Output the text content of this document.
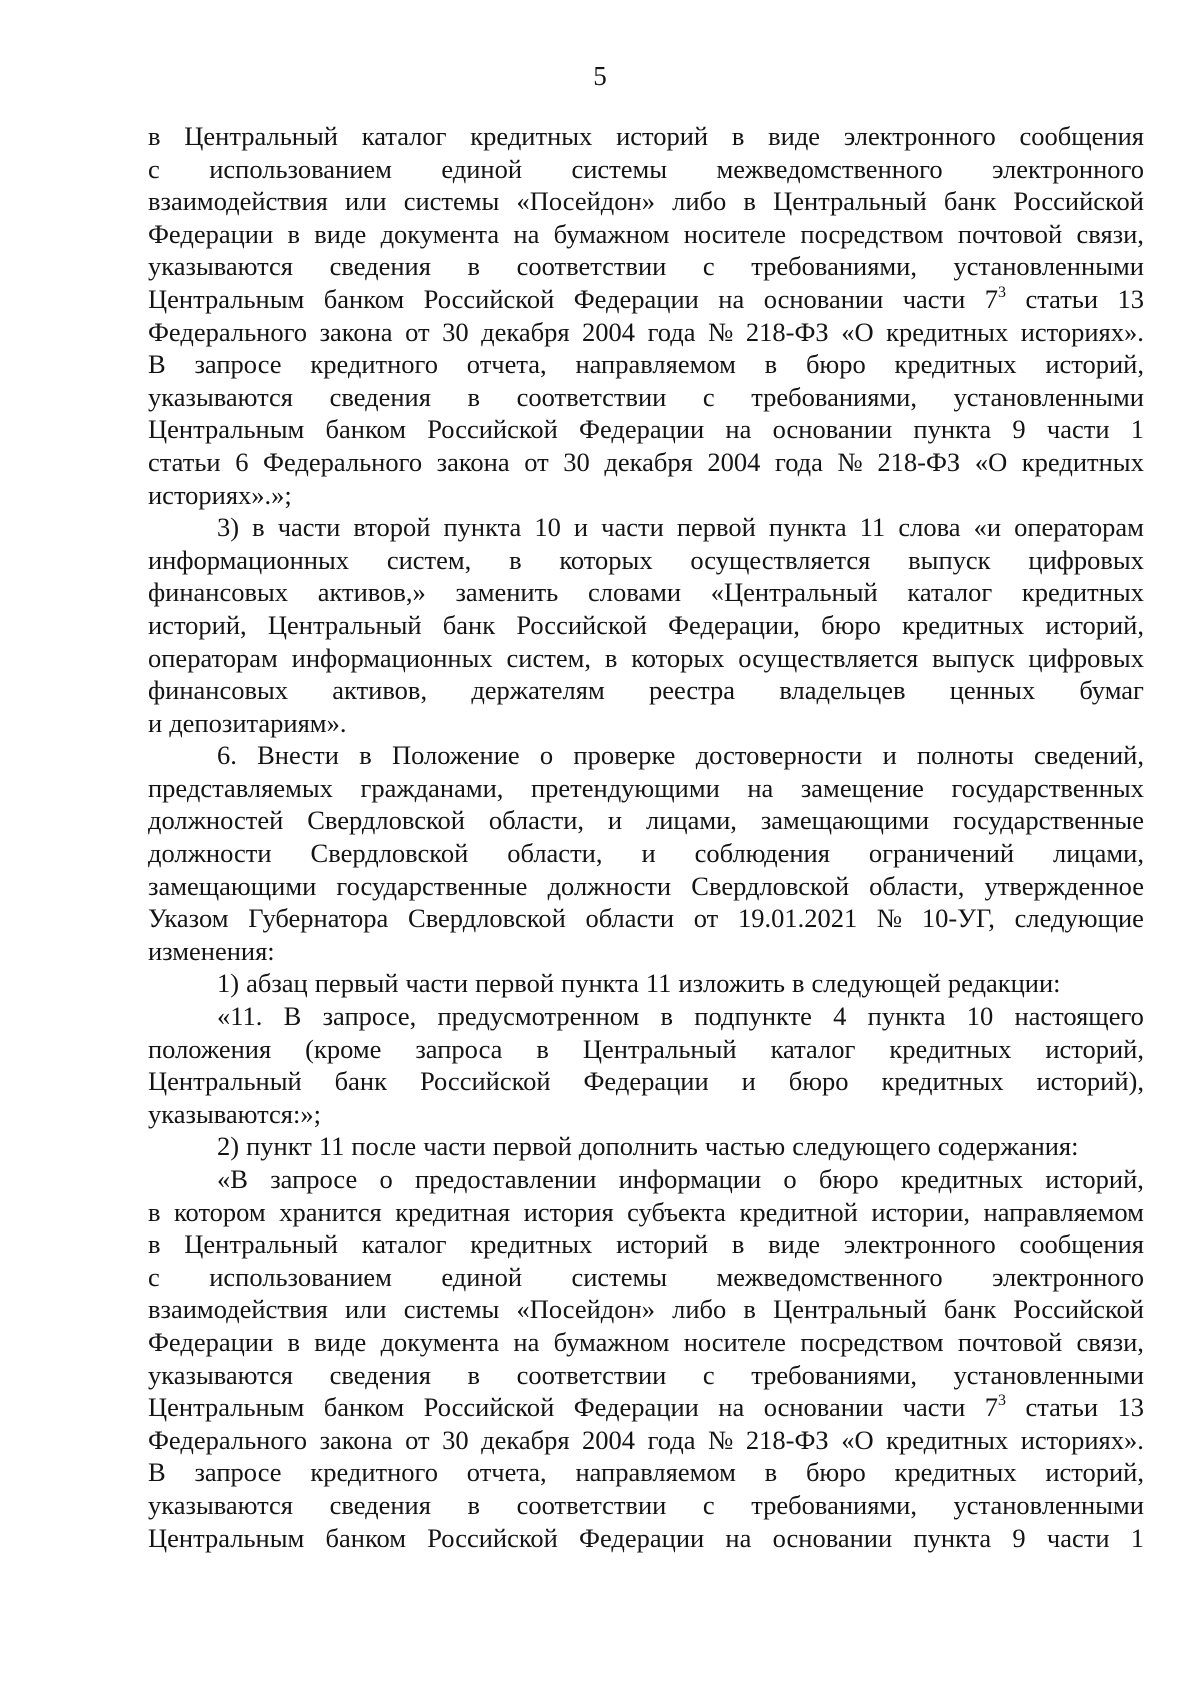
5
в Центральный каталог кредитных историй в виде электронного сообщения
с использованием единой системы межведомственного электронного
взаимодействия или системы «Посейдон» либо в Центральный банк Российской
Федерации в виде документа на бумажном носителе посредством почтовой связи,
указываются сведения в соответствии с требованиями, установленными
Центральным банком Российской Федерации на основании части $7^3$ статьи 13
Федерального закона от 30 декабря 2004 года № 218-ФЗ «О кредитных историях».
В запросе кредитного отчета, направляемом в бюро кредитных историй,
указываются сведения в соответствии с требованиями, установленными
Центральным банком Российской Федерации на основании пункта 9 части 1
статьи 6 Федерального закона от 30 декабря 2004 года № 218-ФЗ «О кредитных
историях».»;
3) в части второй пункта 10 и части первой пункта 11 слова «и операторам
информационных систем, в которых осуществляется выпуск цифровых
финансовых активов,» заменить словами «Центральный каталог кредитных
историй, Центральный банк Российской Федерации, бюро кредитных историй,
операторам информационных систем, в которых осуществляется выпуск цифровых
финансовых активов, держателям реестра владельцев ценных бумаг
и депозитариям».
6. Внести в Положение о проверке достоверности и полноты сведений,
представляемых гражданами, претендующими на замещение государственных
должностей Свердловской области, и лицами, замещающими государственные
должности Свердловской области, и соблюдения ограничений лицами,
замещающими государственные должности Свердловской области, утвержденное
Указом Губернатора Свердловской области от 19.01.2021 № 10-УГ, следующие
изменения:
1) абзац первый части первой пункта 11 изложить в следующей редакции:
«11. В запросе, предусмотренном в подпункте 4 пункта 10 настоящего
положения (кроме запроса в Центральный каталог кредитных историй,
Центральный банк Российской Федерации и бюро кредитных историй),
указываются:»;
2) пункт 11 после части первой дополнить частью следующего содержания:
«В запросе о предоставлении информации о бюро кредитных историй,
в котором хранится кредитная история субъекта кредитной истории, направляемом
в Центральный каталог кредитных историй в виде электронного сообщения
с использованием единой системы межведомственного электронного
взаимодействия или системы «Посейдон» либо в Центральный банк Российской
Федерации в виде документа на бумажном носителе посредством почтовой связи,
указываются сведения в соответствии с требованиями, установленными
Центральным банком Российской Федерации на основании части $7^3$ статьи 13
Федерального закона от 30 декабря 2004 года № 218-ФЗ «О кредитных историях».
В запросе кредитного отчета, направляемом в бюро кредитных историй,
указываются сведения в соответствии с требованиями, установленными
Центральным банком Российской Федерации на основании пункта 9 части 1
